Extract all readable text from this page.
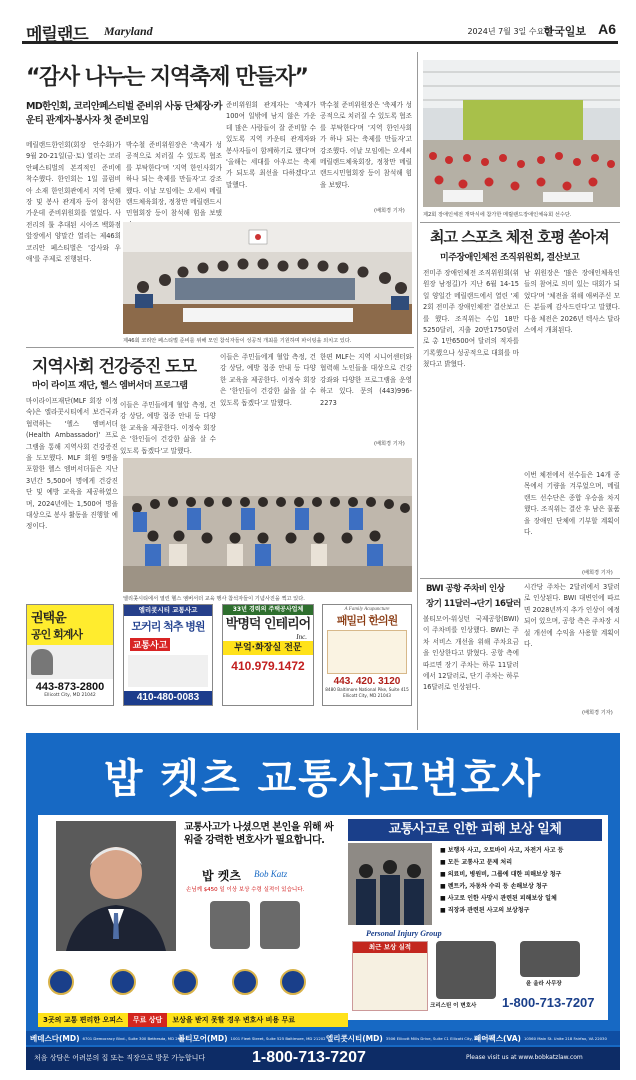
메릴랜드 Maryland	2024년 7월 3일 수요일
한국일보 A6
“감사 나누는 지역축제 만들자”
MD한인회, 코리안페스티벌 준비위 사동 단체장·카운티 관계자·봉사자 첫 준비모임
메릴랜드한인회(회장 안수화)가 9월 20-21일(금·토) 열리는 코리안페스티벌의 본격적인 준비에 착수했다. 한인회는 1일 콜럼비아 소재 한인회관에서 지역 단체장 및 봉사 관계자 등이 참석한 가운데 준비위원회를 열었다. 사전리의 툴 추대된 시아즈 백화점 앞장에서 양말간 열리는 제46회 코리안 페스티벌은 '감사와 우애'를 주제로 진행된다.
박수철 준비위원장은 '축제가 성공적으로 치러질 수 있도록 협조를 부탁한다'며 '지역 한인사회가 하나 되는 축제를 만들자'고 강조했다. 이날 모임에는 오세씨 메릴랜드체육회장, 정창만 메릴랜드시민협회장 등이 참석해 힘을 보탰
준비위원회 관계자는 '축제가 100여 일밖에 남지 않은 가운데 많은 사람들이 잘 준비할 수 있도록 지역 카운티 관계자와 봉사자들이 함께하기로 했다'며 '올해는 세대를 아우르는 축제가 되도록 최선을 다하겠다'고 말했다.
박수철 준비위원장은 '축제가 성공적으로 치러질 수 있도록 협조를 부탁한다'며 '지역 한인사회가 하나 되는 축제를 만들자'고 강조했다. 이날 모임에는 오세씨 메릴랜드체육회장, 정창만 메릴랜드시민협회장 등이 참석해 힘을 보탰다.
(배희경 기자)
제46회 코리안 페스티벌 준비를 위해 모인 참석자들이 성공적 개최를 기원하며 파이팅을 외치고 있다.
지역사회 건강증진 도모
마이 라이프 재단, 헬스 엠버서더 프로그램
마이라이프재단(MLF 회장 이정숙)은 엘라콧시티에서 보건국과 협력하는 '헬스 앰버서더(Health Ambassador)' 프로그램을 통해 지역사회 건강증진을 도모했다. MLF 회원 9명을 포함한 헬스 엠버서더들은 지난 3년간 5,500여 명에게 건강진단 및 예방 교육을 제공하였으며, 2024년에는 1,500여 명을 대상으로 봉사 활동을 진행할 예정이다.
이들은 주민들에게 혈압 측정, 건강 상담, 예방 접종 안내 등 다양한 교육을 제공한다. 이정숙 회장은 '한인들이 건강한 삶을 살 수 있도록 돕겠다'고 말했다.
이들은 주민들에게 혈압 측정, 건강 상담, 예방 접종 안내 등 다양한 교육을 제공한다. 이정숙 회장은 '한인들이 건강한 삶을 살 수 있도록 돕겠다'고 말했다.
한편 MLF는 지역 시니어센터와 협력해 노인들을 대상으로 건강 강좌와 다양한 프로그램을 운영하고 있다. 문의 (443)996-2273
(배희경 기자)
엘리콧시티에서 열린 헬스 엠버서더 교육 행사 참석자들이 기념사진을 찍고 있다.
제2회 장애인체전 개막식에 참가한 메릴랜드장애인체육회 선수단.
최고 스포츠 체전 호평 쏟아져
미주장애인체전 조직위원회, 결산보고
전미주 장애인체전 조직위원회(위원장 남정길)가 지난 6월 14-15일 양일간 메릴랜드에서 열린 '제2회 전미주 장애인체전' 결산보고를 했다. 조직위는 수입 18만5250달러, 지출 20만1750달러로 총 1만6500여 달러의 적자를 기록했으나 성공적으로 대회를 마쳤다고 밝혔다.
남 위원장은 '많은 장애인체육인들의 참여로 의미 있는 대회가 되었다'며 '체전을 위해 애써주신 모든 분들께 감사드린다'고 말했다. 다음 체전은 2026년 텍사스 달라스에서 개최된다.
이번 체전에서 선수들은 14개 종목에서 기량을 겨루었으며, 메릴랜드 선수단은 종합 우승을 차지했다. 조직위는 결산 후 남은 물품을 장애인 단체에 기부할 계획이다.
(배희경 기자)
BWI 공항 주차비 인상
장기 11달러→단기 16달러
볼티모어-워싱턴 국제공항(BWI)이 주차비를 인상했다. BWI는 주차 서비스 개선을 위해 주차요금을 인상한다고 밝혔다. 공항 측에 따르면 장기 주차는 하루 11달러에서 12달러로, 단기 주차는 하루 16달러로 인상된다.
시간당 주차는 2달러에서 3달러로 인상된다. BWI 대변인에 따르면 2028년까지 추가 인상이 예정되어 있으며, 공항 측은 주차장 시설 개선에 수익을 사용할 계획이다.
(배희경 기자)
권택윤
공인 회계사
443-873-2800
Ellicott City, MD 21042
엘리콧시티 교통사고
모커리 척추 병원
교통사고
410-480-0083
33년 경력의 주택공사업체
박명덕 인테리어
Inc.
부엌·화장실 전문
410.979.1472
A Family Acupuncture
패밀리 한의원
443. 420. 3120
8480 Baltimore National Pike, Suite 415 Ellicott City, MD 21043
밥 켓츠 교통사고변호사
교통사고가 나셨으면 본인을 위해 싸워줄 강력한 변호사가 필요합니다.
밥 켓츠 Bob Katz
손님께 $450 일 이상 보상 수령 실적이 있습니다.
교통사고로 인한 피해 보상 일체
■ 보행자 사고, 오토바이 사고, 자전거 사고 등
■ 모든 교통사고 문제 처리
■ 의료비, 병원비, 그룹에 대한 피해보상 청구
■ 렌트카, 자동차 수리 등 손해보상 청구
■ 사고로 인한 사망시 관련된 피해보상 일체
■ 직장과 관련된 사고의 보상청구
Personal Injury Group
최근 보상 실적
크리스틴 이 변호사
윤 올라 사무장
1-800-713-7207
3곳의 교통 편리한 오피스	무료 상담	보상을 받지 못할 경우 변호사 비용 무료
베데스다(MD) 6701 Democracy Blvd., Suite 300 Bethesda, MD 20817
볼티모어(MD) 1001 Fleet Street, Suite 525 Baltimore, MD 21202 엘리콧시티(MD) 3506 Ellicott Mills Drive, Suite C1 Ellicott City, MD 21043
페어팩스(VA) 10560 Main St. Unite 218 Fairfax, VA 22030
처음 상담은 어려분의 집 또는 직장으로 방문 가능합니다	1-800-713-7207	Please visit us at www.bobkatzlaw.com
